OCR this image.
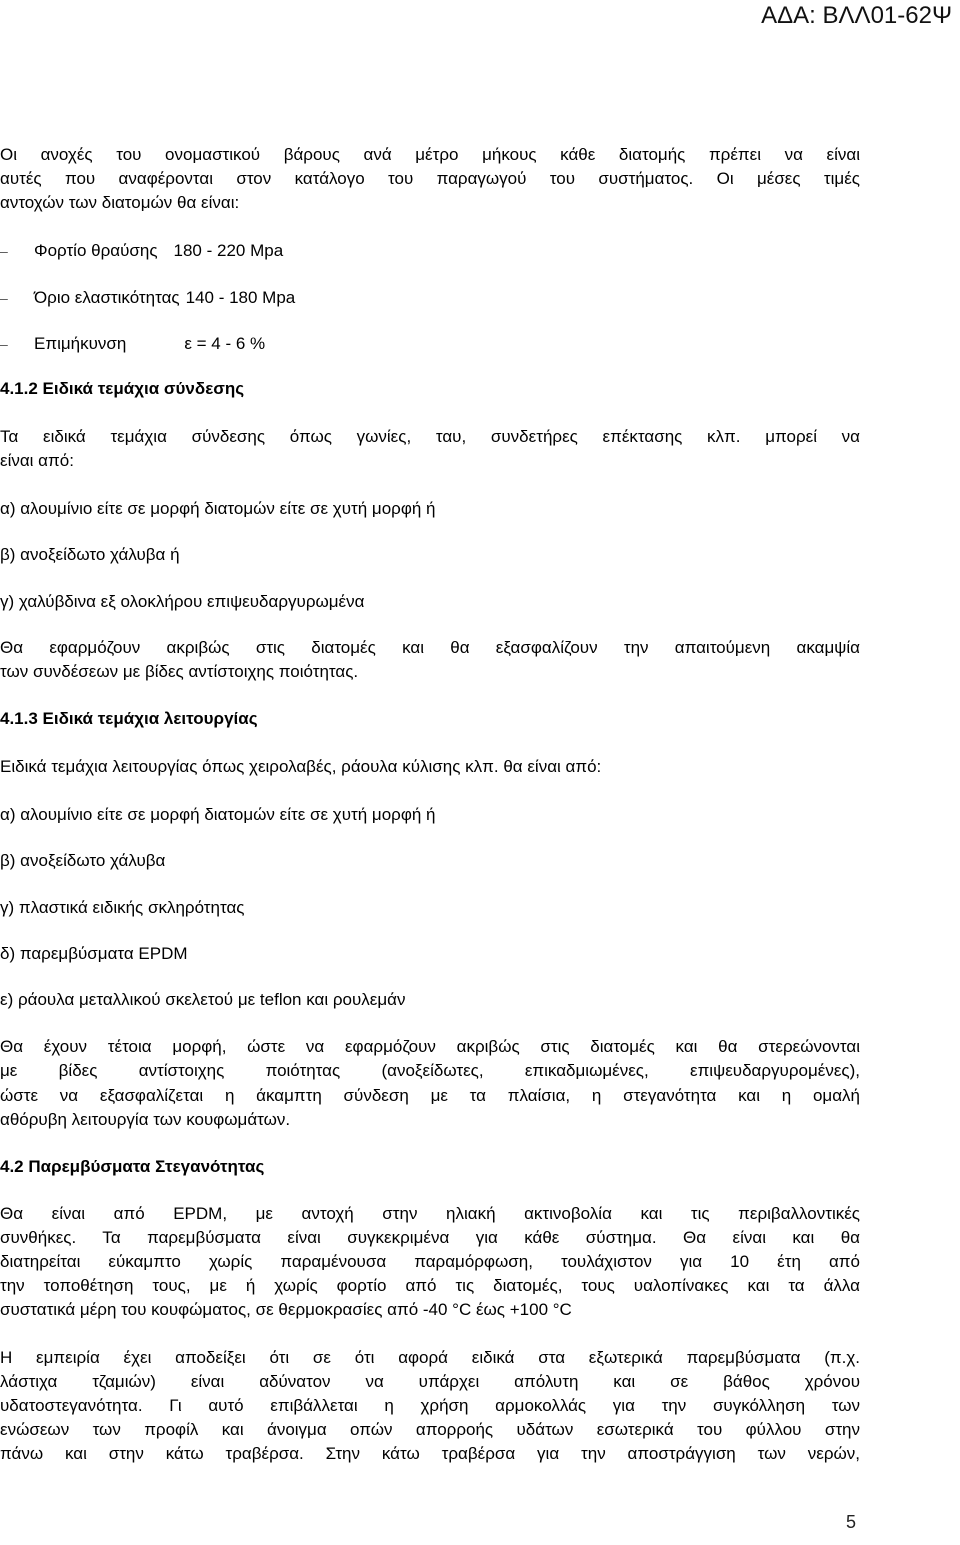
ΑΔΑ: ΒΛΛ01-62Ψ
Οι ανοχές του ονομαστικού βάρους ανά μέτρο μήκους κάθε διατομής πρέπει να είναι
αυτές που αναφέρονται στον κατάλογο του παραγωγού του συστήματος. Οι μέσες τιμές
αντοχών των διατομών θα είναι:
– Φορτίο θραύσης 180 - 220 Mpa
– Όριο ελαστικότητας 140 - 180 Mpa
– Επιμήκυνση	ε = 4 - 6 %
4.1.2 Ειδικά τεμάχια σύνδεσης
Τα ειδικά τεμάχια σύνδεσης όπως γωνίες, ταυ, συνδετήρες επέκτασης κλπ. μπορεί να
είναι από:
α) αλουμίνιο είτε σε μορφή διατομών είτε σε χυτή μορφή ή
β) ανοξείδωτο χάλυβα ή
γ) χαλύβδινα εξ ολοκλήρου επιψευδαργυρωμένα
Θα εφαρμόζουν ακριβώς στις διατομές και θα εξασφαλίζουν την απαιτούμενη ακαμψία
των συνδέσεων με βίδες αντίστοιχης ποιότητας.
4.1.3 Ειδικά τεμάχια λειτουργίας
Ειδικά τεμάχια λειτουργίας όπως χειρολαβές, ράουλα κύλισης κλπ. θα είναι από:
α) αλουμίνιο είτε σε μορφή διατομών είτε σε χυτή μορφή ή
β) ανοξείδωτο χάλυβα
γ) πλαστικά ειδικής σκληρότητας
δ) παρεμβύσματα EPDM
ε) ράουλα μεταλλικού σκελετού με teflon και ρουλεμάν
Θα έχουν τέτοια μορφή, ώστε να εφαρμόζουν ακριβώς στις διατομές και θα στερεώνονται
με βίδες αντίστοιχης ποιότητας (ανοξείδωτες, επικαδμιωμένες, επιψευδαργυρομένες),
ώστε να εξασφαλίζεται η άκαμπτη σύνδεση με τα πλαίσια, η στεγανότητα και η ομαλή
αθόρυβη λειτουργία των κουφωμάτων.
4.2 Παρεμβύσματα Στεγανότητας
Θα είναι από EPDM, με αντοχή στην ηλιακή ακτινοβολία και τις περιβαλλοντικές
συνθήκες. Τα παρεμβύσματα είναι συγκεκριμένα για κάθε σύστημα. Θα είναι και θα
διατηρείται εύκαμπτο χωρίς παραμένουσα παραμόρφωση, τουλάχιστον για 10 έτη από
την τοποθέτηση τους, με ή χωρίς φορτίο από τις διατομές, τους υαλοπίνακες και τα άλλα
συστατικά μέρη του κουφώματος, σε θερμοκρασίες από -40 °C έως +100 °C
Η εμπειρία έχει αποδείξει ότι σε ότι αφορά ειδικά στα εξωτερικά παρεμβύσματα (π.χ.
λάστιχα τζαμιών) είναι αδύνατον να υπάρχει απόλυτη και σε βάθος χρόνου
υδατοστεγανότητα. Γι αυτό επιβάλλεται η χρήση αρμοκολλάς για την συγκόλληση των
ενώσεων των προφίλ και άνοιγμα οπών απορροής υδάτων εσωτερικά του φύλλου στην
πάνω και στην κάτω τραβέρσα. Στην κάτω τραβέρσα για την αποστράγγιση των νερών,
5
